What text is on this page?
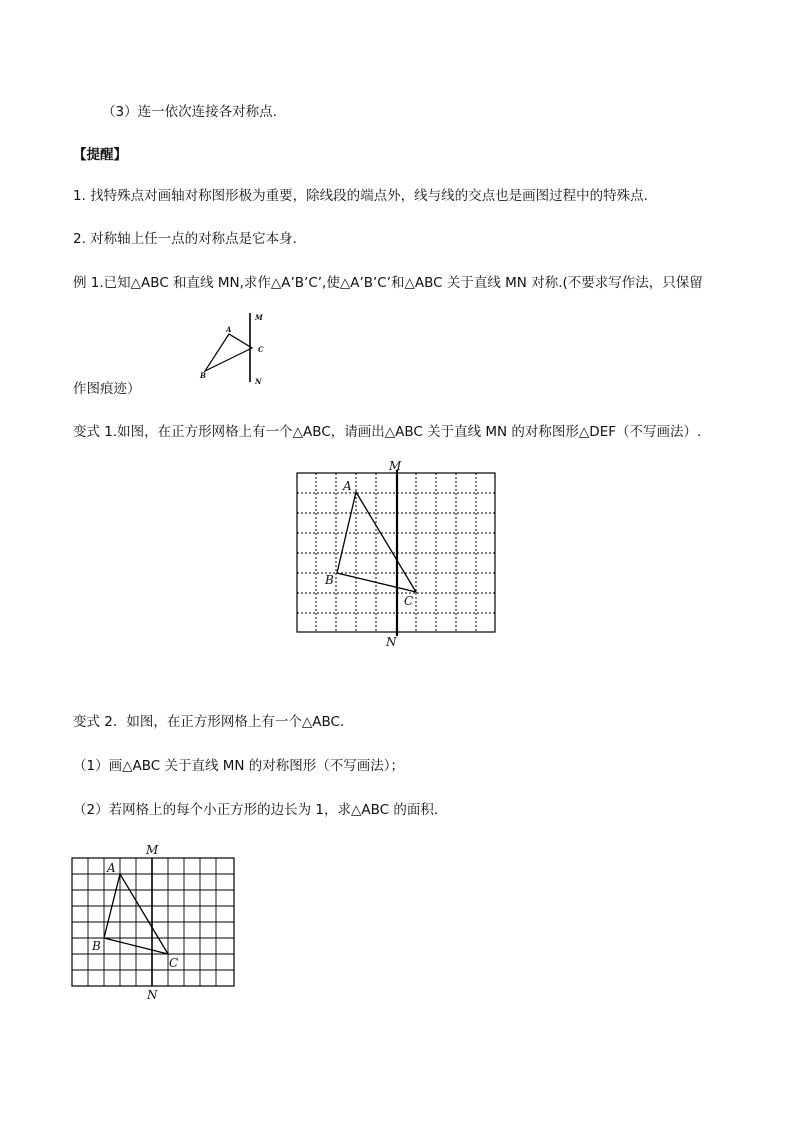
（3）连一依次连接各对称点.
【提醒】
1. 找特殊点对画轴对称图形极为重要，除线段的端点外，线与线的交点也是画图过程中的特殊点.
2. 对称轴上任一点的对称点是它本身.
例 1.已知△ABC 和直线 MN,求作△A’B’C’,使△A’B’C’和△ABC 关于直线 MN 对称.(不要求写作法，只保留
作图痕迹）
A
B
C
M
N
变式 1.如图，在正方形网格上有一个△ABC，请画出△ABC 关于直线 MN 的对称图形△DEF（不写画法）.
A
B
C
M
N
变式 2．如图，在正方形网格上有一个△ABC．
（1）画△ABC 关于直线 MN 的对称图形（不写画法）；
（2）若网格上的每个小正方形的边长为 1，求△ABC 的面积．
A
B
C
M
N
